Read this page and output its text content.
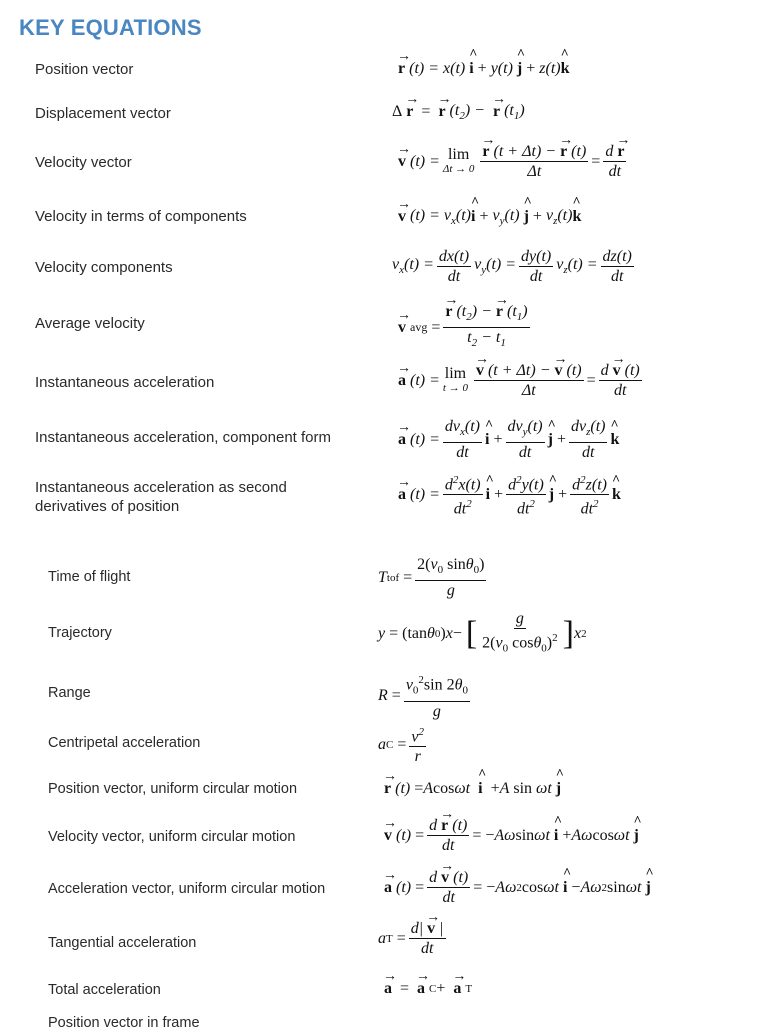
KEY EQUATIONS
Position vector
→	r
(t) = x(t)

^ i + y(t)

^ j + z(t)
^ k
Displacement vector	Δ
→ r =
→ r
$(t_2)$ −

→ r
$(t_1)$
Velocity vector
→	v
(t) = lim
Δt → 0
→ $\frac{r (t + \Delta t) - \to r (t)}{\Delta t} = \frac{d \to r}{dt}$
Velocity in terms of components
→	v
$(t) = v_x(t)$
^ $i + v_y(t)$

^ $j + v_z(t)$
^ k
Velocity components	$v_x(t) = \frac{dx(t)}{dt} v_y(t) = \frac{dy(t)}{dt} v_z(t) = \frac{dz(t)}{dt}$
Average velocity
→	v
avg =
→ $\frac{r (t_2) - \to r (t_1)}{t_2 - t_1}$
Instantaneous acceleration
→	a
(t) = lim
t → 0
→ $\frac{v (t + \Delta t) - \to v (t)}{\Delta t} = \frac{d \to v (t)}{dt}$
Instantaneous acceleration, component form
→	a
$(t) = \frac{dv_x(t)}{dt}$
^ $i + \frac{dv_y(t)}{dt}$
^ $j + \frac{dv_z(t)}{dt}$
^ k
Instantaneous acceleration as second
derivatives of position
→ a
$(t) = \frac{d^2x(t)}{dt^2}$
^ $i + \frac{d^2y(t)}{dt^2}$
^ $j + \frac{d^2z(t)}{dt^2}$
^ k
Time of flight	T tof = $\frac{2(v_0 \sin\theta_0)}{g}$
Trajectory	y = (tan θ 0 ) x − [ $\frac{g}{2(v_0 \cos\theta_0)^2}$ ] x 2
Range	$R = \frac{v_0^2\sin 2\theta_0}{g}$
Centripetal acceleration	a $C = \frac{v^2}{r}$
Position vector, uniform circular motion
→	r
(t) = A cos ωt

^ i + A sin ωt

^ j
Velocity vector, uniform circular motion
→	v
$(t) = \frac{d \to r (t)}{dt}$ = − Aω sin ωt

^ i + Aω cos ωt

^ j
Acceleration vector, uniform circular motion
→	a
$(t) = \frac{d \to v (t)}{dt}$ = − Aω 2 cos ωt

^ i − Aω 2 sin ωt

^ j
Tangential acceleration	a $T = \frac{d| \to v |}{dt}$
Total acceleration
→	a =
→ a
C +
→ a
T
Position vector in frame
